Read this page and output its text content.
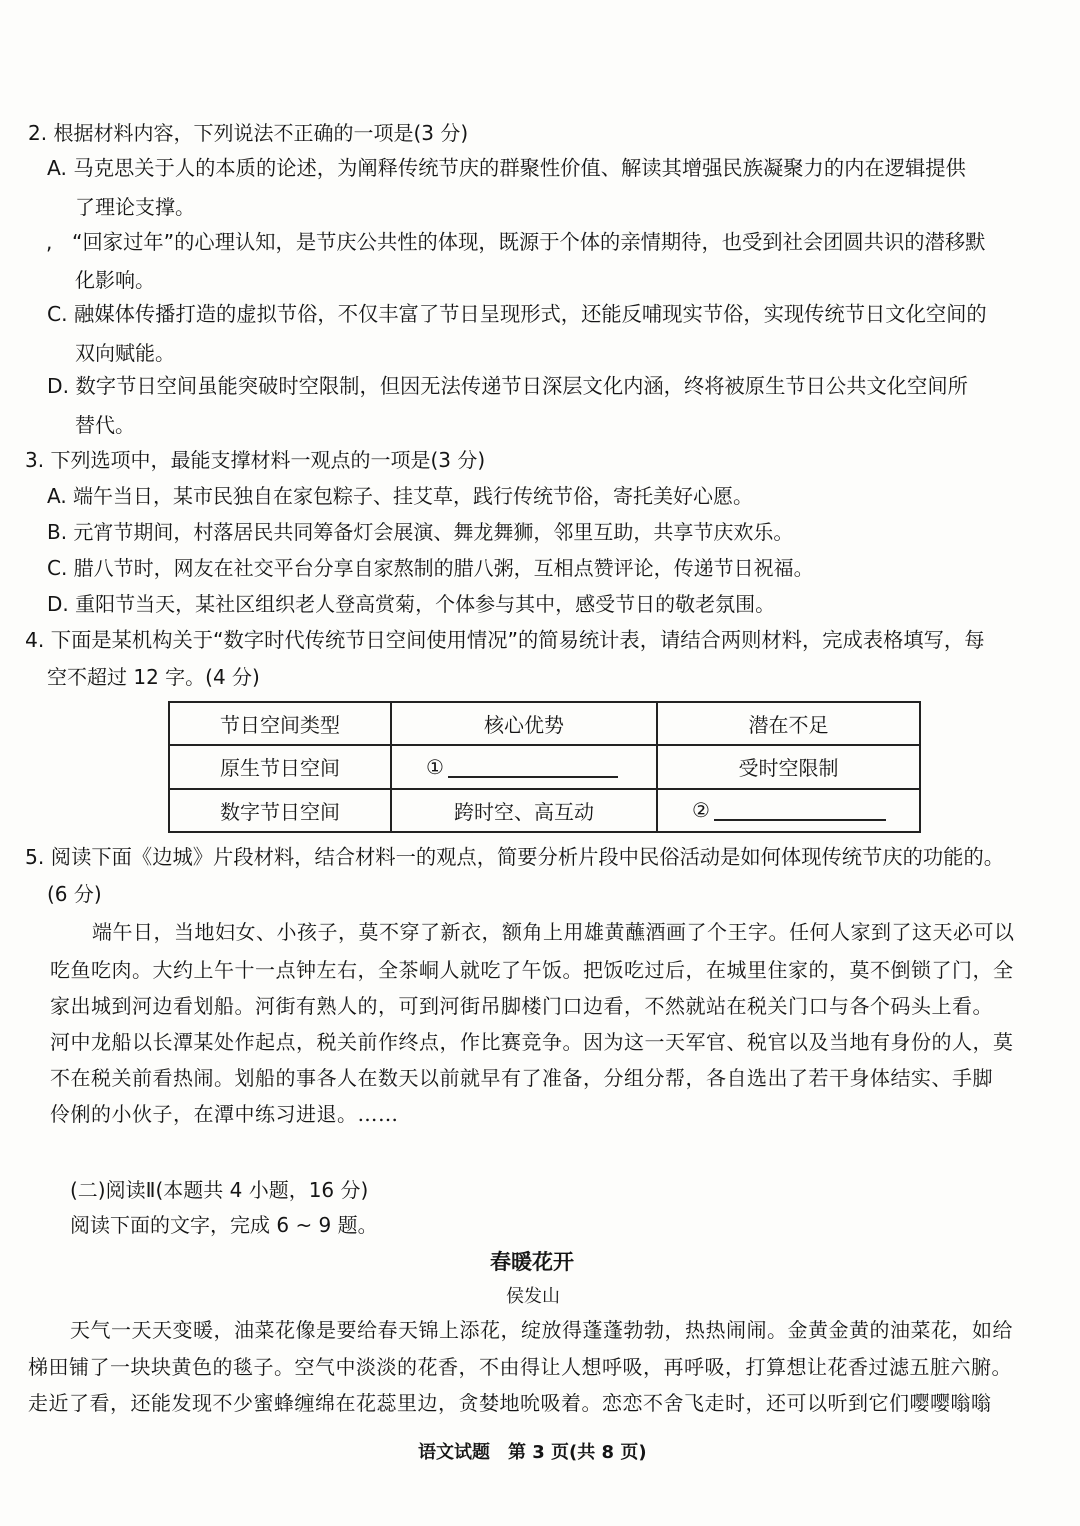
2. 根据材料内容，下列说法不正确的一项是(3 分)
A. 马克思关于人的本质的论述，为阐释传统节庆的群聚性价值、解读其增强民族凝聚力的内在逻辑提供
了理论支撑。
, “回家过年”的心理认知，是节庆公共性的体现，既源于个体的亲情期待，也受到社会团圆共识的潜移默
化影响。
C. 融媒体传播打造的虚拟节俗，不仅丰富了节日呈现形式，还能反哺现实节俗，实现传统节日文化空间的
双向赋能。
D. 数字节日空间虽能突破时空限制，但因无法传递节日深层文化内涵，终将被原生节日公共文化空间所
替代。
3. 下列选项中，最能支撑材料一观点的一项是(3 分)
A. 端午当日，某市民独自在家包粽子、挂艾草，践行传统节俗，寄托美好心愿。
B. 元宵节期间，村落居民共同筹备灯会展演、舞龙舞狮，邻里互助，共享节庆欢乐。
C. 腊八节时，网友在社交平台分享自家熬制的腊八粥，互相点赞评论，传递节日祝福。
D. 重阳节当天，某社区组织老人登高赏菊，个体参与其中，感受节日的敬老氛围。
4. 下面是某机构关于“数字时代传统节日空间使用情况”的简易统计表，请结合两则材料，完成表格填写，每
空不超过 12 字。(4 分)
节日空间类型	核心优势	潜在不足
原生节日空间	①	受时空限制
数字节日空间	跨时空、高互动	②
5. 阅读下面《边城》片段材料，结合材料一的观点，简要分析片段中民俗活动是如何体现传统节庆的功能的。
(6 分)
端午日，当地妇女、小孩子，莫不穿了新衣，额角上用雄黄蘸酒画了个王字。任何人家到了这天必可以
吃鱼吃肉。大约上午十一点钟左右，全茶峒人就吃了午饭。把饭吃过后，在城里住家的，莫不倒锁了门，全
家出城到河边看划船。河街有熟人的，可到河街吊脚楼门口边看，不然就站在税关门口与各个码头上看。
河中龙船以长潭某处作起点，税关前作终点，作比赛竞争。因为这一天军官、税官以及当地有身份的人，莫
不在税关前看热闹。划船的事各人在数天以前就早有了准备，分组分帮，各自选出了若干身体结实、手脚
伶俐的小伙子，在潭中练习进退。……
(二)阅读Ⅱ(本题共 4 小题，16 分)
阅读下面的文字，完成 6 ~ 9 题。
春暖花开
侯发山
天气一天天变暖，油菜花像是要给春天锦上添花，绽放得蓬蓬勃勃，热热闹闹。金黄金黄的油菜花，如给
梯田铺了一块块黄色的毯子。空气中淡淡的花香，不由得让人想呼吸，再呼吸，打算想让花香过滤五脏六腑。
走近了看，还能发现不少蜜蜂缠绵在花蕊里边，贪婪地吮吸着。恋恋不舍飞走时，还可以听到它们嘤嘤嗡嗡
语文试题　第 3 页(共 8 页)
